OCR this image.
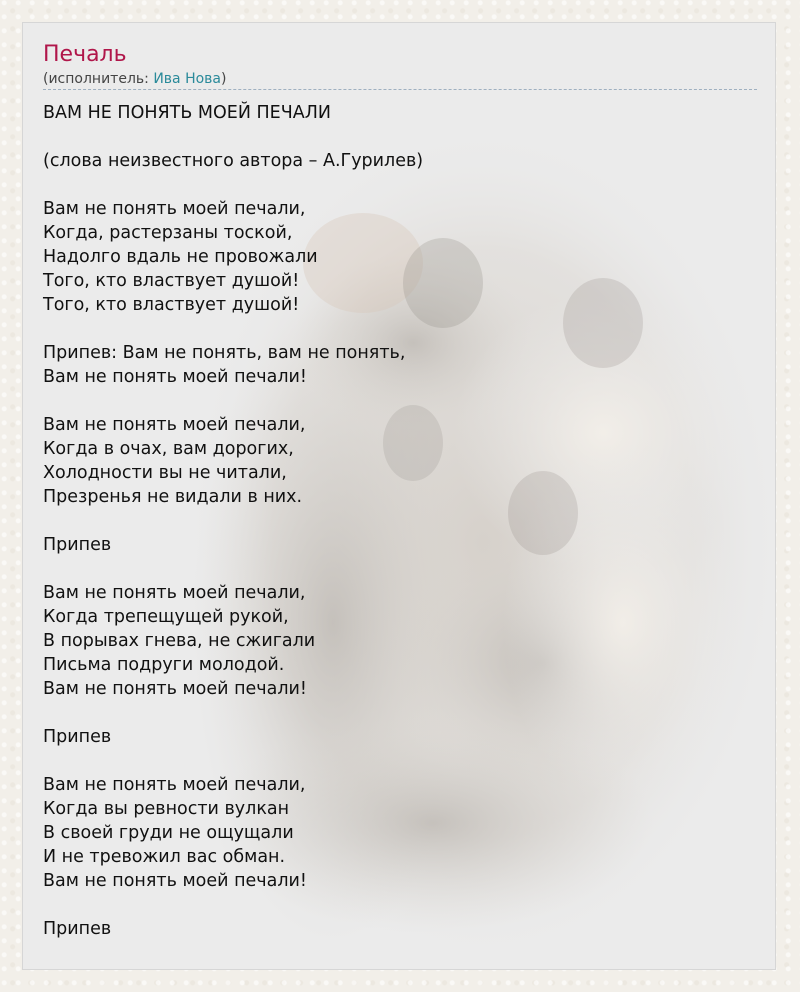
Печаль
(исполнитель: Ива Нова)
ВАМ НЕ ПОНЯТЬ МОЕЙ ПЕЧАЛИ
(слова неизвестного автора – А.Гурилев)
Вам не понять моей печали,
Когда, растерзаны тоской,
Надолго вдаль не провожали
Того, кто властвует душой!
Того, кто властвует душой!
Припев: Вам не понять, вам не понять,
Вам не понять моей печали!
Вам не понять моей печали,
Когда в очах, вам дорогих,
Холодности вы не читали,
Презренья не видали в них.
Припев
Вам не понять моей печали,
Когда трепещущей рукой,
В порывах гнева, не сжигали
Письма подруги молодой.
Вам не понять моей печали!
Припев
Вам не понять моей печали,
Когда вы ревности вулкан
В своей груди не ощущали
И не тревожил вас обман.
Вам не понять моей печали!
Припев
